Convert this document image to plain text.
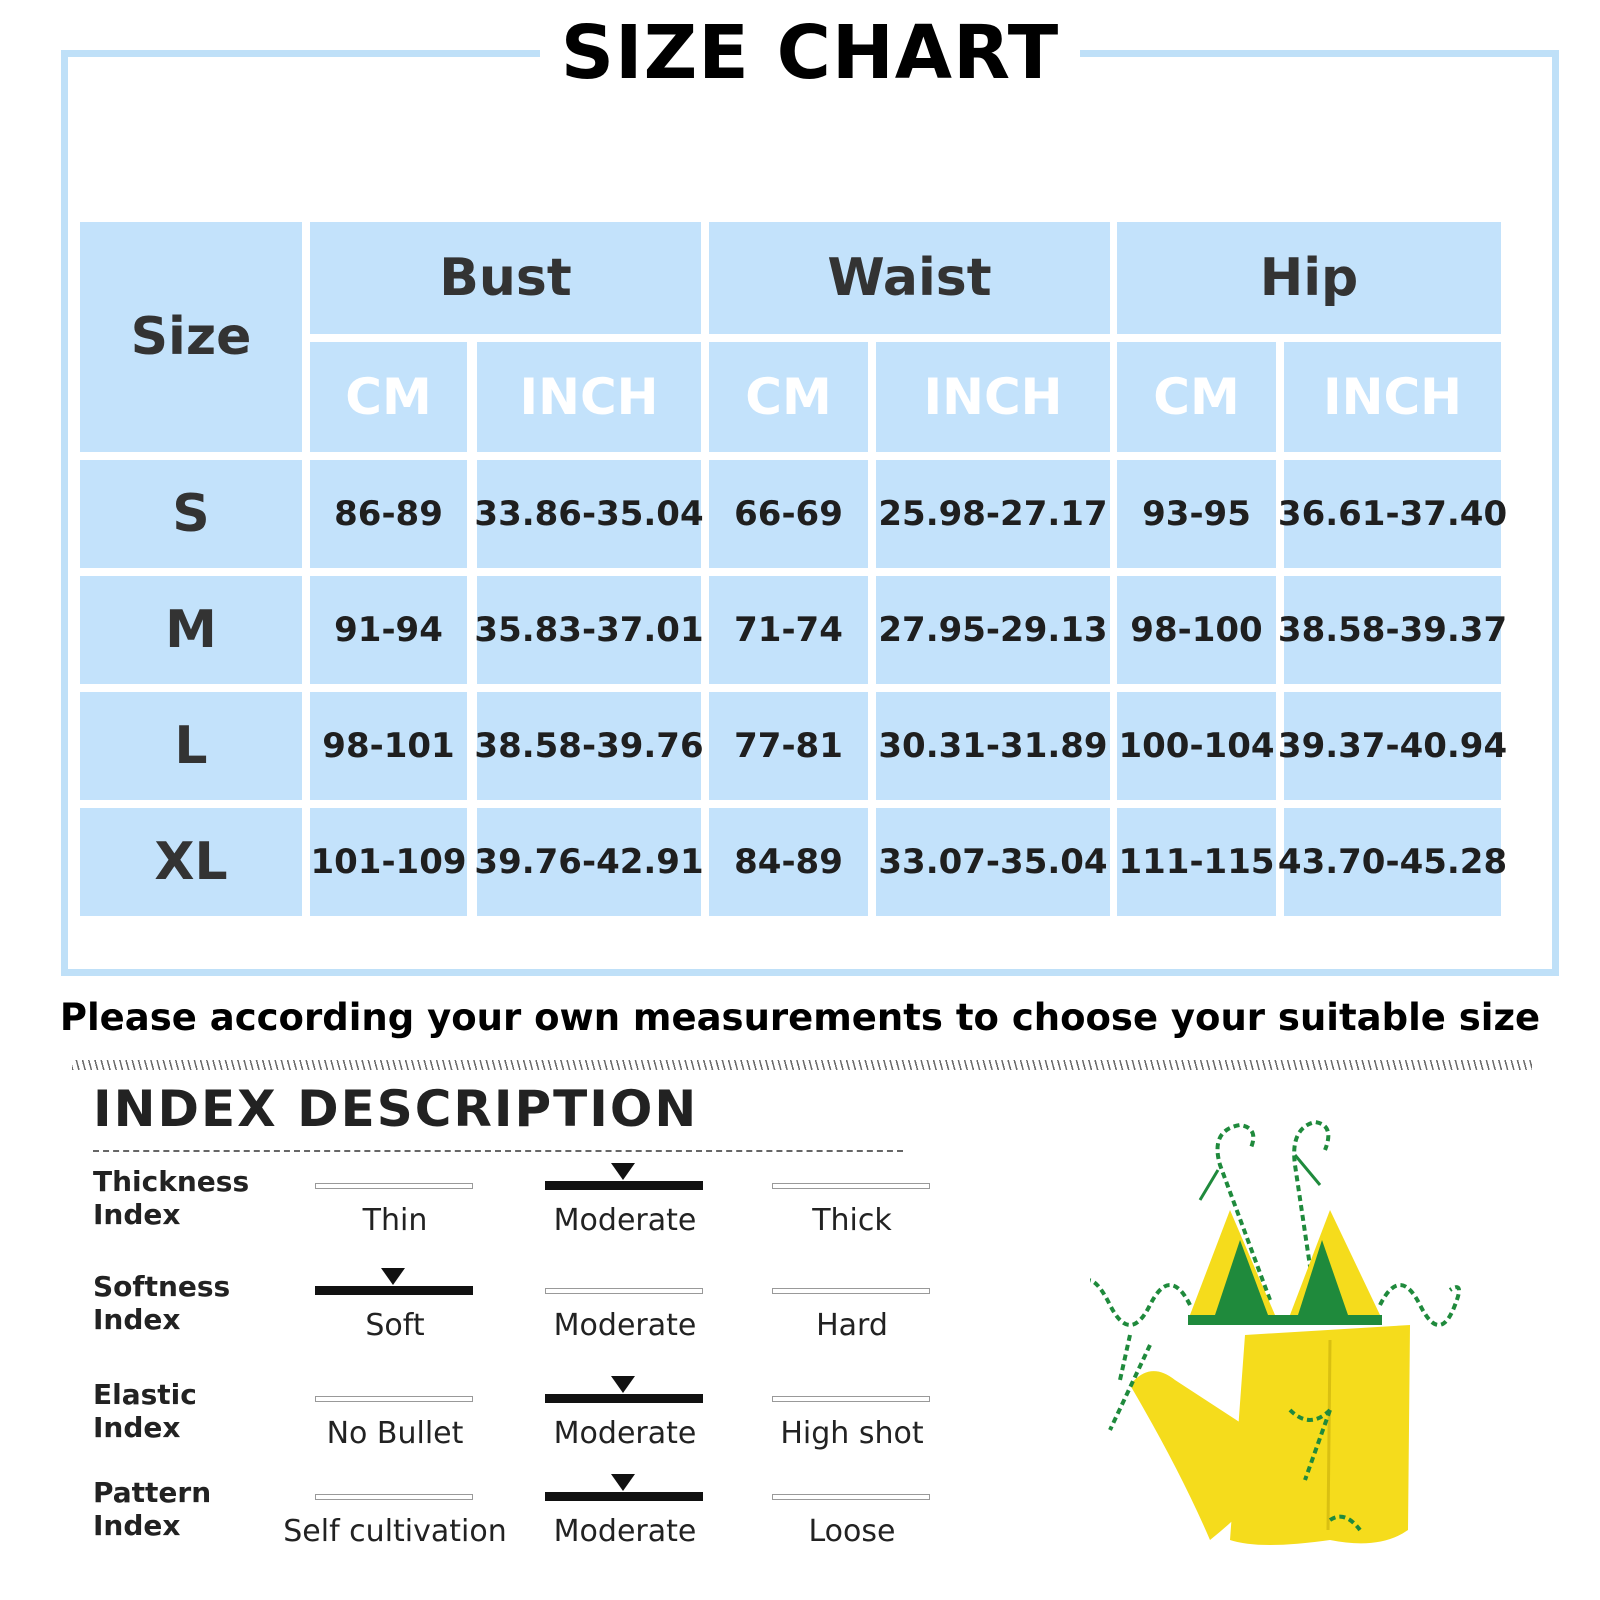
SIZE CHART
Size
Bust	Waist	Hip
CM	INCH	CM	INCH	CM	INCH
S	86-89 33.86-35.04 66-69	25.98-27.17	93-95 36.61-37.40
M	91-94 35.83-37.01 71-74	27.95-29.13 98-100 38.58-39.37
L	98-101 38.58-39.76 77-81	30.31-31.89 100-104 39.37-40.94
XL	101-109 39.76-42.91 84-89	33.07-35.04 111-115 43.70-45.28
Please according your own measurements to choose your suitable size
INDEX DESCRIPTION
Thickness
Index	Thin	Moderate	Thick
Softness
Index	Soft	Moderate	Hard
Elastic
Index	No Bullet	Moderate	High shot
Pattern
Index	Self cultivation	Moderate	Loose
